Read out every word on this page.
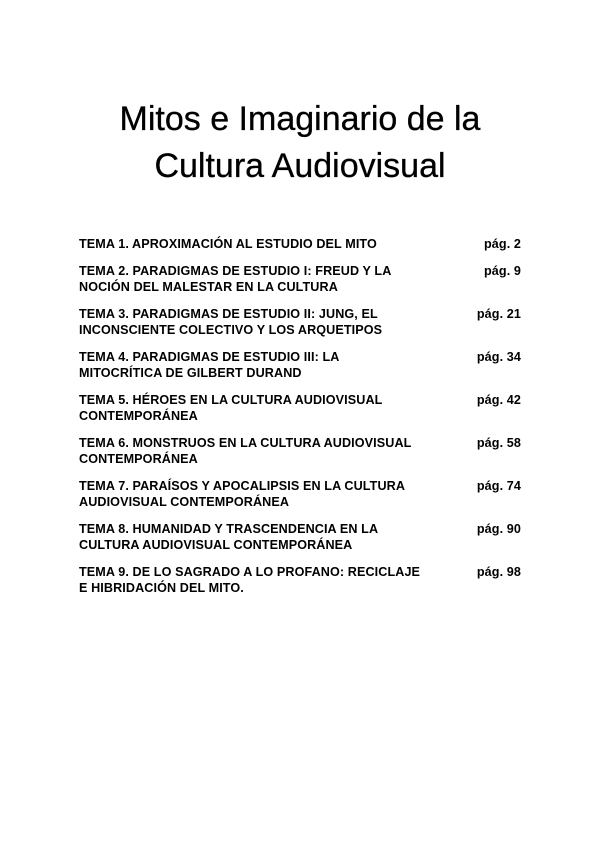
Mitos e Imaginario de la
Cultura Audiovisual
TEMA 1. APROXIMACIÓN AL ESTUDIO DEL MITO	pág. 2
TEMA 2. PARADIGMAS DE ESTUDIO I: FREUD Y LA
NOCIÓN DEL MALESTAR EN LA CULTURA
pág. 9
TEMA 3. PARADIGMAS DE ESTUDIO II: JUNG, EL
INCONSCIENTE COLECTIVO Y LOS ARQUETIPOS
pág. 21
TEMA 4. PARADIGMAS DE ESTUDIO III: LA
MITOCRÍTICA DE GILBERT DURAND
pág. 34
TEMA 5. HÉROES EN LA CULTURA AUDIOVISUAL
CONTEMPORÁNEA
pág. 42
TEMA 6. MONSTRUOS EN LA CULTURA AUDIOVISUAL
CONTEMPORÁNEA
pág. 58
TEMA 7. PARAÍSOS Y APOCALIPSIS EN LA CULTURA
AUDIOVISUAL CONTEMPORÁNEA
pág. 74
TEMA 8. HUMANIDAD Y TRASCENDENCIA EN LA
CULTURA AUDIOVISUAL CONTEMPORÁNEA
pág. 90
TEMA 9. DE LO SAGRADO A LO PROFANO: RECICLAJE
E HIBRIDACIÓN DEL MITO.
pág. 98
